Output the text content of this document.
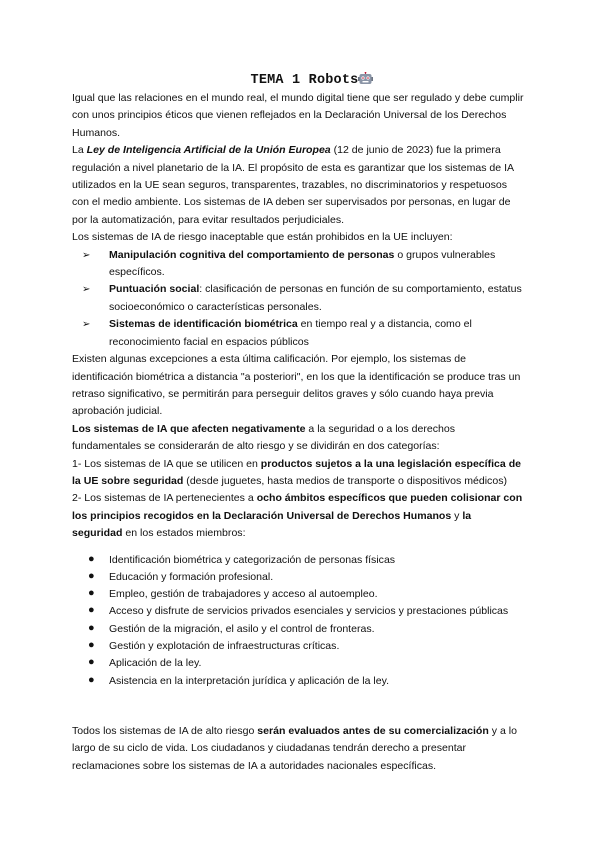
TEMA 1 Robots

Igual que las relaciones en el mundo real, el mundo digital tiene que ser regulado y debe cumplir con unos principios éticos que vienen reflejados en la Declaración Universal de los Derechos Humanos.

La Ley de Inteligencia Artificial de la Unión Europea (12 de junio de 2023) fue la primera regulación a nivel planetario de la IA. El propósito de esta es garantizar que los sistemas de IA utilizados en la UE sean seguros, transparentes, trazables, no discriminatorios y respetuosos con el medio ambiente. Los sistemas de IA deben ser supervisados por personas, en lugar de por la automatización, para evitar resultados perjudiciales.

Los sistemas de IA de riesgo inaceptable que están prohibidos en la UE incluyen:

➢ Manipulación cognitiva del comportamiento de personas o grupos vulnerables específicos.
➢ Puntuación social: clasificación de personas en función de su comportamiento, estatus socioeconómico o características personales.
➢ Sistemas de identificación biométrica en tiempo real y a distancia, como el reconocimiento facial en espacios públicos

Existen algunas excepciones a esta última calificación. Por ejemplo, los sistemas de identificación biométrica a distancia "a posteriori", en los que la identificación se produce tras un retraso significativo, se permitirán para perseguir delitos graves y sólo cuando haya previa aprobación judicial.

Los sistemas de IA que afecten negativamente a la seguridad o a los derechos fundamentales se considerarán de alto riesgo y se dividirán en dos categorías:

1- Los sistemas de IA que se utilicen en productos sujetos a la una legislación específica de la UE sobre seguridad (desde juguetes, hasta medios de transporte o dispositivos médicos)

2- Los sistemas de IA pertenecientes a ocho ámbitos específicos que pueden colisionar con los principios recogidos en la Declaración Universal de Derechos Humanos y la seguridad en los estados miembros:

● Identificación biométrica y categorización de personas físicas
● Educación y formación profesional.
● Empleo, gestión de trabajadores y acceso al autoempleo.
● Acceso y disfrute de servicios privados esenciales y servicios y prestaciones públicas
● Gestión de la migración, el asilo y el control de fronteras.
● Gestión y explotación de infraestructuras críticas.
● Aplicación de la ley.
● Asistencia en la interpretación jurídica y aplicación de la ley.

Todos los sistemas de IA de alto riesgo serán evaluados antes de su comercialización y a lo largo de su ciclo de vida. Los ciudadanos y ciudadanas tendrán derecho a presentar reclamaciones sobre los sistemas de IA a autoridades nacionales específicas.
